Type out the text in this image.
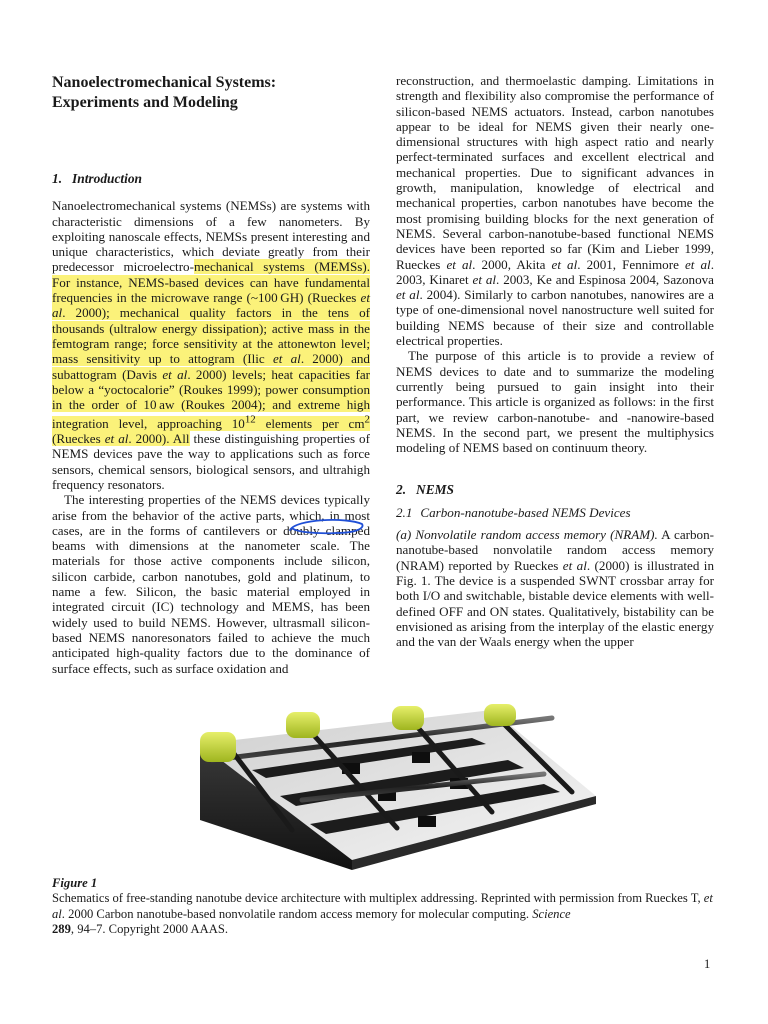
Nanoelectromechanical Systems:
Experiments and Modeling

1. Introduction

Nanoelectromechanical systems (NEMSs) are systems with characteristic dimensions of a few nanometers. By exploiting nanoscale effects, NEMSs present interesting and unique characteristics, which deviate greatly from their predecessor microelectro-mechanical systems (MEMSs). For instance, NEMS-based devices can have fundamental frequencies in the microwave range (~100 GH) (Rueckes et al. 2000); mechanical quality factors in the tens of thousands (ultralow energy dissipation); active mass in the femtogram range; force sensitivity at the attonewton level; mass sensitivity up to attogram (Ilic et al. 2000) and subattogram (Davis et al. 2000) levels; heat capacities far below a “yoctocalorie” (Roukes 1999); power consumption in the order of 10 aw (Roukes 2004); and extreme high integration level, approaching $10^{12}$ elements per $cm^2$ (Rueckes et al. 2000). All these distinguishing properties of NEMS devices pave the way to applications such as force sensors, chemical sensors, biological sensors, and ultrahigh frequency resonators.

The interesting properties of the NEMS devices typically arise from the behavior of the active parts, which, in most cases, are in the forms of cantilevers or doubly clamped beams with dimensions at the nanometer scale. The materials for those active components include silicon, silicon carbide, carbon nanotubes, gold and platinum, to name a few. Silicon, the basic material employed in integrated circuit (IC) technology and MEMS, has been widely used to build NEMS. However, ultrasmall silicon-based NEMS nanoresonators failed to achieve the much anticipated high-quality factors due to the dominance of surface effects, such as surface oxidation and

reconstruction, and thermoelastic damping. Limitations in strength and flexibility also compromise the performance of silicon-based NEMS actuators. Instead, carbon nanotubes appear to be ideal for NEMS given their nearly one-dimensional structures with high aspect ratio and nearly perfect-terminated surfaces and excellent electrical and mechanical properties. Due to significant advances in growth, manipulation, knowledge of electrical and mechanical properties, carbon nanotubes have become the most promising building blocks for the next generation of NEMS. Several carbon-nanotube-based functional NEMS devices have been reported so far (Kim and Lieber 1999, Rueckes et al. 2000, Akita et al. 2001, Fennimore et al. 2003, Kinaret et al. 2003, Ke and Espinosa 2004, Sazonova et al. 2004). Similarly to carbon nanotubes, nanowires are a type of one-dimensional novel nanostructure well suited for building NEMS because of their size and controllable electrical properties.

The purpose of this article is to provide a review of NEMS devices to date and to summarize the modeling currently being pursued to gain insight into their performance. This article is organized as follows: in the first part, we review carbon-nanotube- and -nanowire-based NEMS. In the second part, we present the multiphysics modeling of NEMS based on continuum theory.

2. NEMS

2.1 Carbon-nanotube-based NEMS Devices

(a) Nonvolatile random access memory (NRAM). A carbon-nanotube-based nonvolatile random access memory (NRAM) reported by Rueckes et al. (2000) is illustrated in Fig. 1. The device is a suspended SWNT crossbar array for both I/O and switchable, bistable device elements with well-defined OFF and ON states. Qualitatively, bistability can be envisioned as arising from the interplay of the elastic energy and the van der Waals energy when the upper

Figure 1
Schematics of free-standing nanotube device architecture with multiplex addressing. Reprinted with permission from Rueckes T, et al. 2000 Carbon nanotube-based nonvolatile random access memory for molecular computing. Science
289, 94–7. Copyright 2000 AAAS.
1
